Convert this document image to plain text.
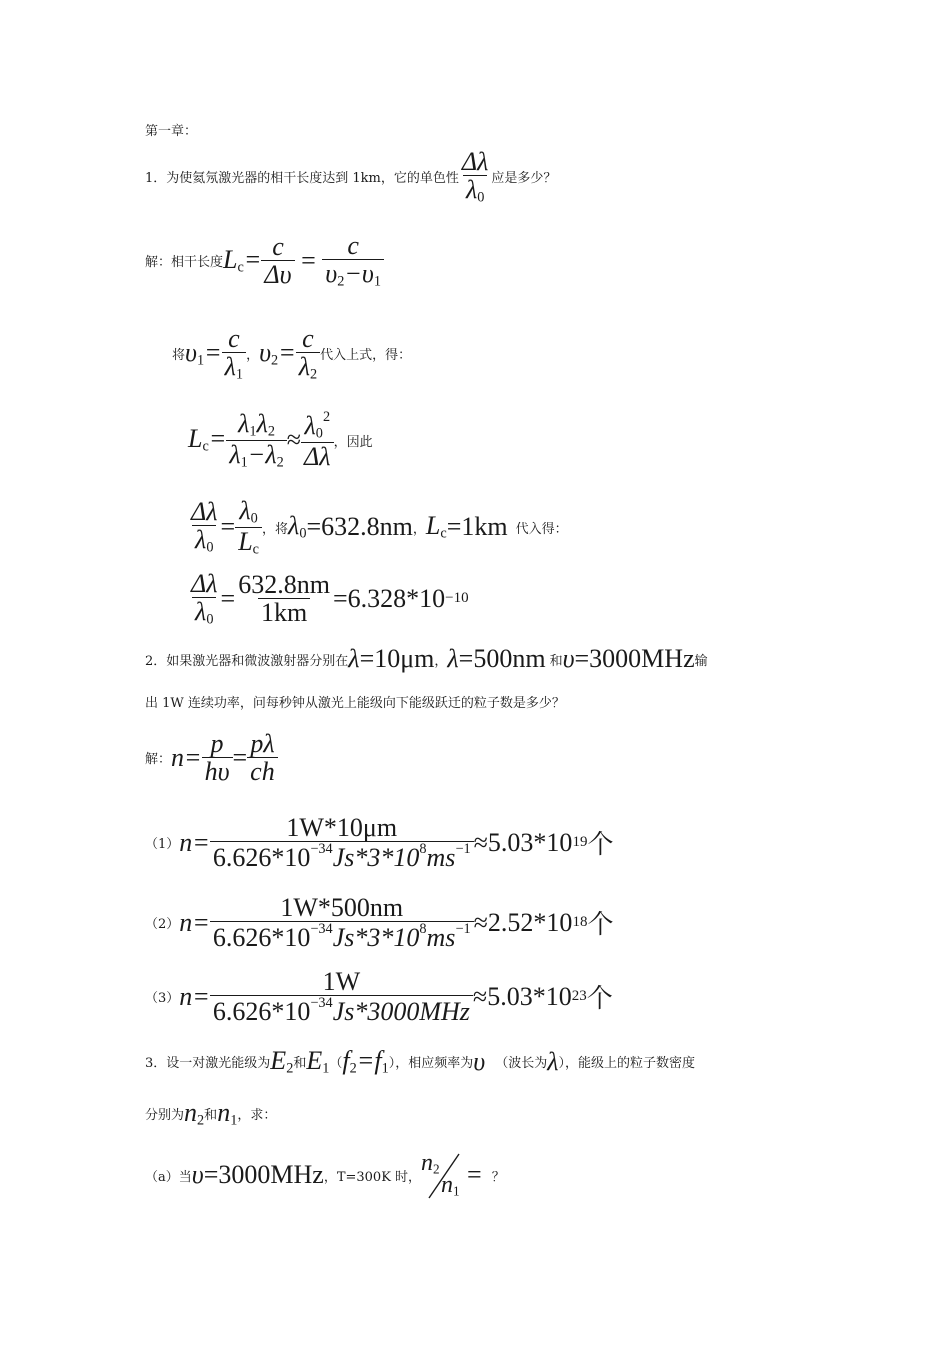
第一章：
1． 为使氦氖激光器的相干长度达到 1km，它的单色性 $\frac{\Delta\lambda}{\lambda_0}$ 应是多少？
解： 相干长度 $L_c= \frac{c}{\Delta\upsilon} = \frac{c}{\upsilon_2-\upsilon_1}$
将 $\upsilon_1= \frac{c}{\lambda_1}$ ， $\upsilon_2= \frac{c}{\lambda_2}$ 代入上式，得：
$L_c= \frac{\lambda_1\lambda_2}{\lambda_1-\lambda_2} \approx \frac{\lambda_0^2}{\Delta\lambda}$ ，因此
$\frac{\Delta\lambda}{\lambda_0} = \frac{\lambda_0}{L_c}$ ，将 $\lambda_0 =632.8nm$ ， $L_c =1km$ 代入得：
$\frac{\Delta\lambda}{\lambda_0} = \frac{632.8nm}{1km} =6.328*10 -10$
2． 如果激光器和微波激射器分别在 λ =10μm ， λ =500nm 和 υ =3000MHz 输
出 1W 连续功率，问每秒钟从激光上能级向下能级跃迁的粒子数是多少？
解： $n= \frac{p}{h\upsilon} = \frac{p\lambda}{ch}$
（1） $n= \frac{1W*10\mu m}{6.626*10^{-34}Js*3*10^8ms^{-1}} \approx 5.03*10$ 19 个
（2） $n= \frac{1W*500nm}{6.626*10^{-34}Js*3*10^8ms^{-1}} \approx 2.52*10$ 18 个
（3） $n= \frac{1W}{6.626*10^{-34}Js*3000MHz} \approx 5.03*10$ 23 个
3． 设一对激光能级为 $E_2$ 和 $E_1$ （ $f_2=f_1$ ），相应频率为 υ （波长为 λ ），能级上的粒子数密度
分别为 $n_2$ 和 $n_1$ ，求：
（a）当 υ =3000MHz ，T=300K 时，
$n_2$
$n_1$
= ？
